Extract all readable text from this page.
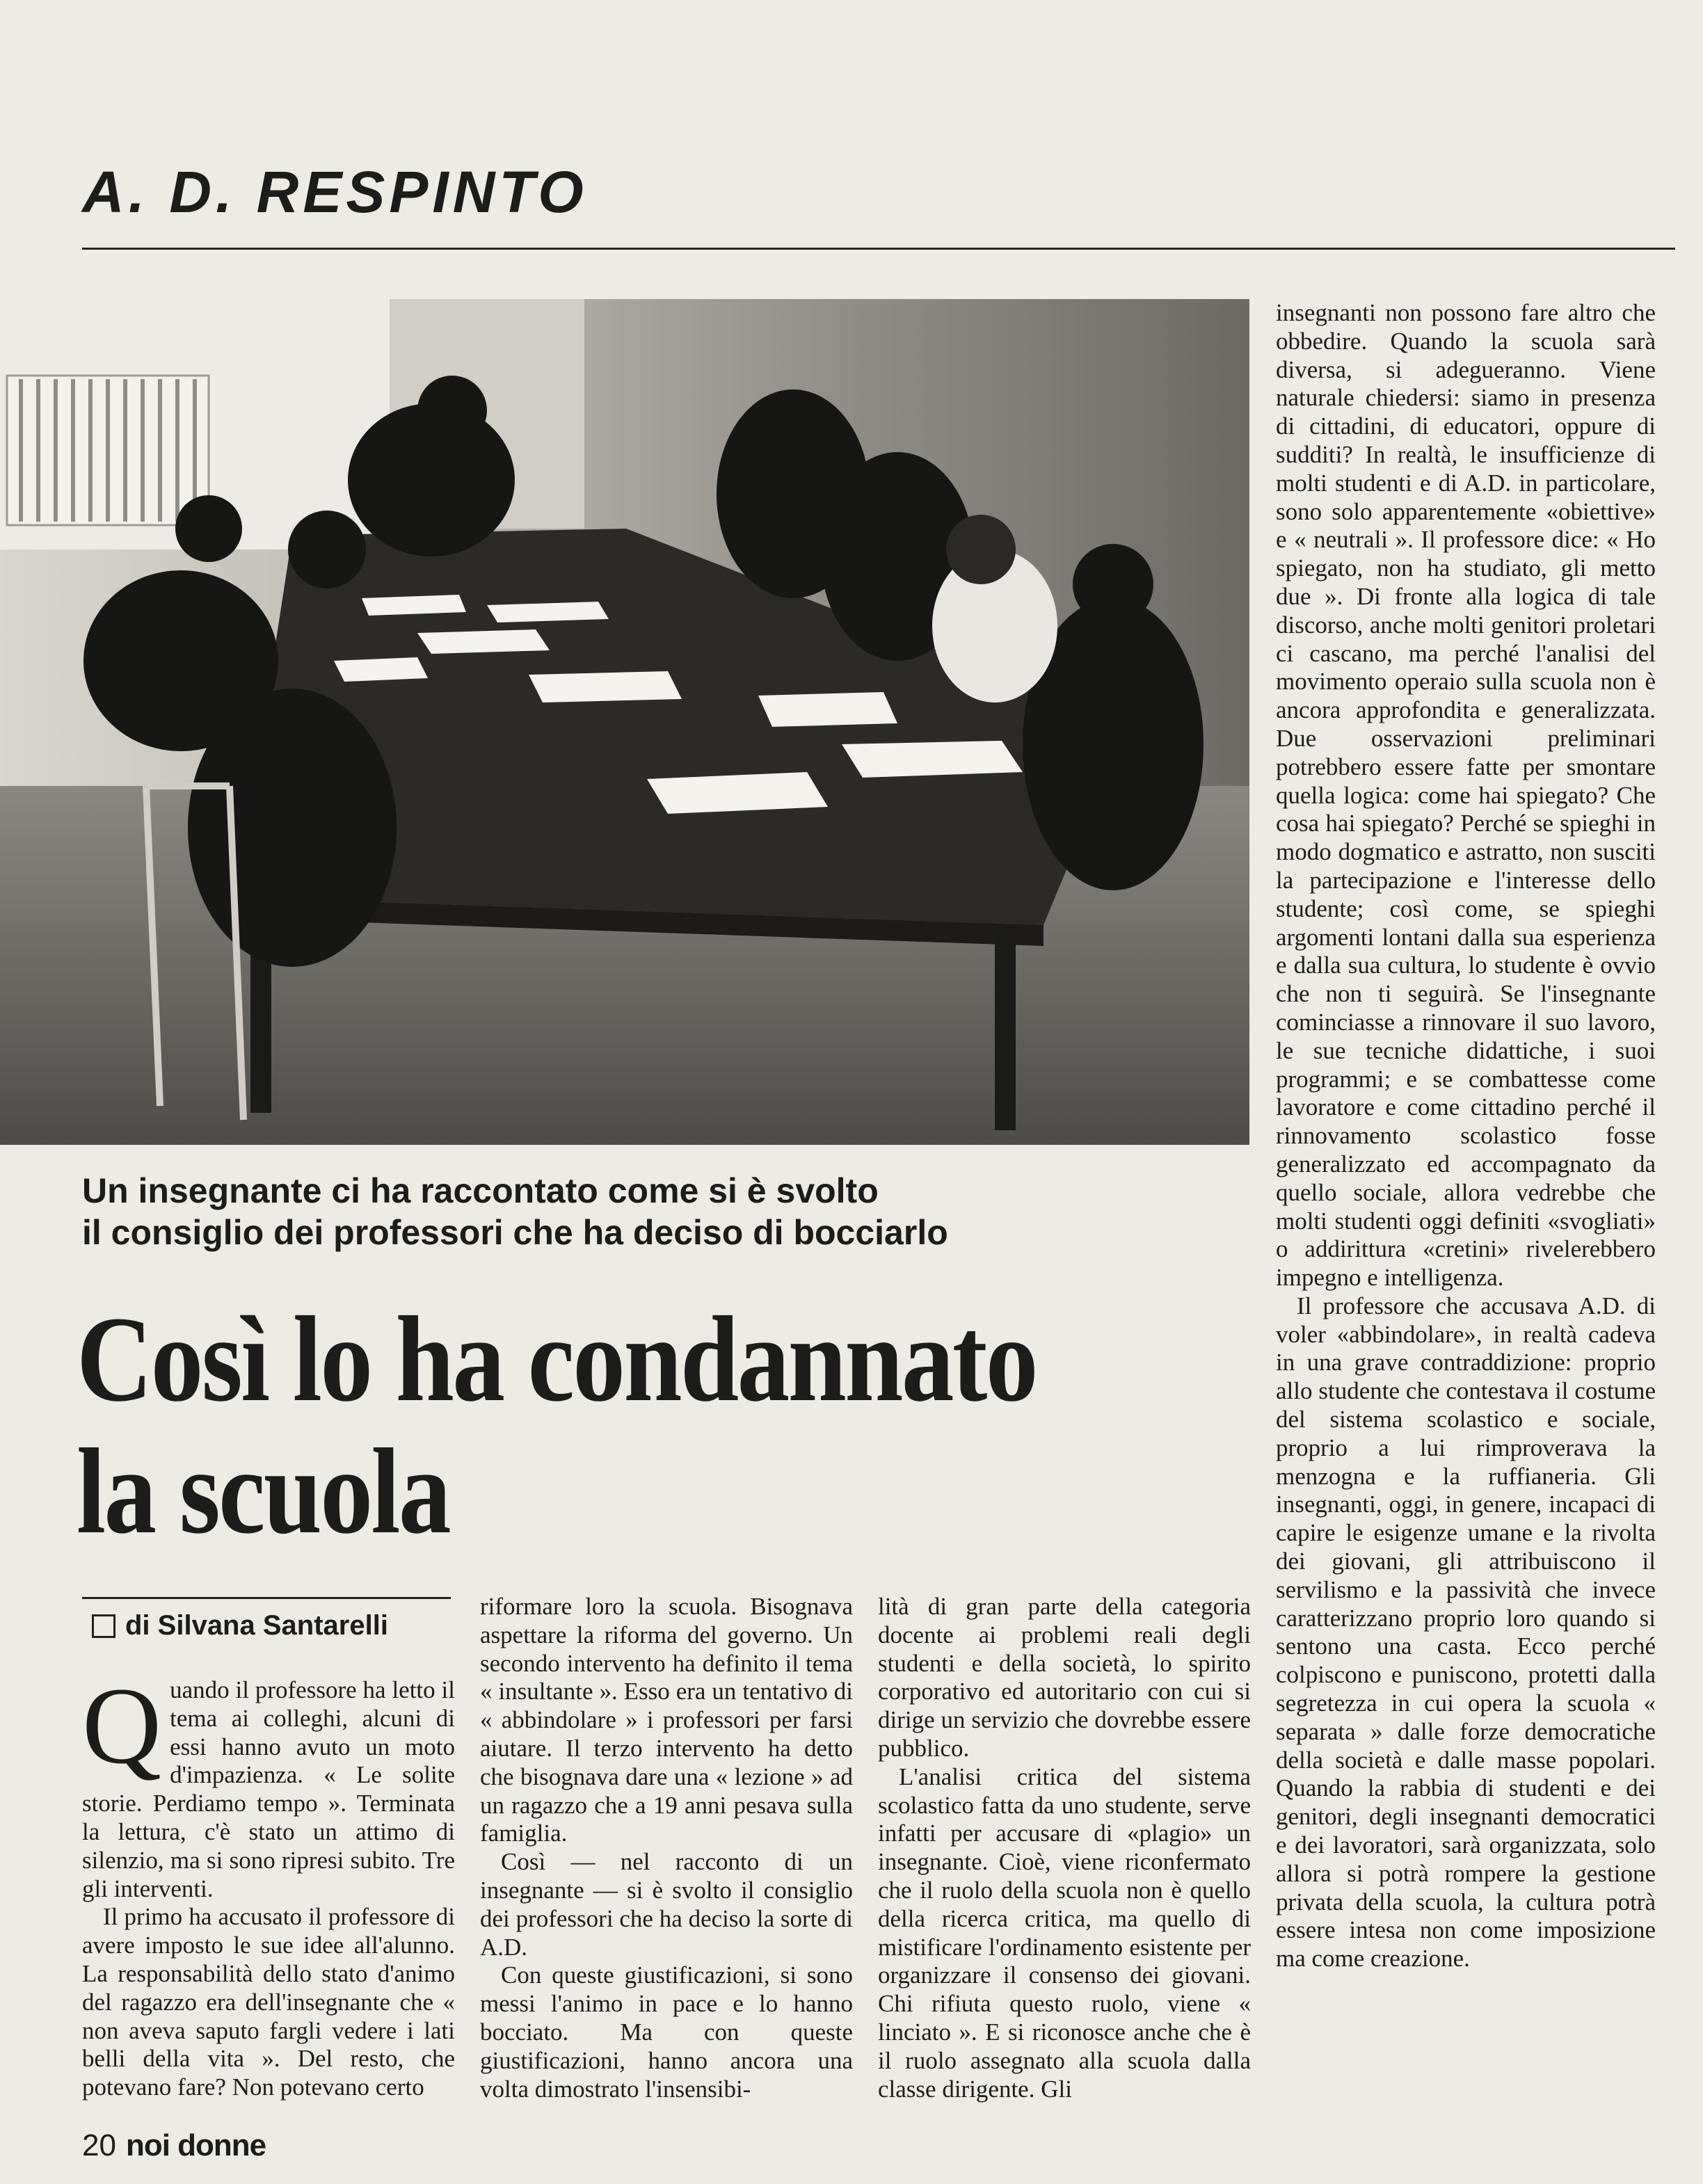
A. D. RESPINTO
Un insegnante ci ha raccontato come si è svolto
il consiglio dei professori che ha deciso di bocciarlo
Così lo ha condannato
la scuola
di Silvana Santarelli

Quando il professore ha letto il tema ai colleghi, alcuni di essi hanno avuto un moto d'impazienza. « Le solite storie. Perdiamo tempo ». Terminata la lettura, c'è stato un attimo di silenzio, ma si sono ripresi subito. Tre gli interventi.

Il primo ha accusato il professore di avere imposto le sue idee all'alunno. La responsabilità dello stato d'animo del ragazzo era dell'insegnante che « non aveva saputo fargli vedere i lati belli della vita ». Del resto, che potevano fare? Non potevano certo

riformare loro la scuola. Bisognava aspettare la riforma del governo. Un secondo intervento ha definito il tema « insultante ». Esso era un tentativo di « abbindolare » i professori per farsi aiutare. Il terzo intervento ha detto che bisognava dare una « lezione » ad un ragazzo che a 19 anni pesava sulla famiglia.

Così — nel racconto di un insegnante — si è svolto il consiglio dei professori che ha deciso la sorte di A.D.

Con queste giustificazioni, si sono messi l'animo in pace e lo hanno bocciato. Ma con queste giustificazioni, hanno ancora una volta dimostrato l'insensibi-

lità di gran parte della categoria docente ai problemi reali degli studenti e della società, lo spirito corporativo ed autoritario con cui si dirige un servizio che dovrebbe essere pubblico.

L'analisi critica del sistema scolastico fatta da uno studente, serve infatti per accusare di «plagio» un insegnante. Cioè, viene riconfermato che il ruolo della scuola non è quello della ricerca critica, ma quello di mistificare l'ordinamento esistente per organizzare il consenso dei giovani. Chi rifiuta questo ruolo, viene « linciato ». E si riconosce anche che è il ruolo assegnato alla scuola dalla classe dirigente. Gli

insegnanti non possono fare altro che obbedire. Quando la scuola sarà diversa, si adegueranno. Viene naturale chiedersi: siamo in presenza di cittadini, di educatori, oppure di sudditi? In realtà, le insufficienze di molti studenti e di A.D. in particolare, sono solo apparentemente «obiettive» e « neutrali ». Il professore dice: « Ho spiegato, non ha studiato, gli metto due ». Di fronte alla logica di tale discorso, anche molti genitori proletari ci cascano, ma perché l'analisi del movimento operaio sulla scuola non è ancora approfondita e generalizzata. Due osservazioni preliminari potrebbero essere fatte per smontare quella logica: come hai spiegato? Che cosa hai spiegato? Perché se spieghi in modo dogmatico e astratto, non susciti la partecipazione e l'interesse dello studente; così come, se spieghi argomenti lontani dalla sua esperienza e dalla sua cultura, lo studente è ovvio che non ti seguirà. Se l'insegnante cominciasse a rinnovare il suo lavoro, le sue tecniche didattiche, i suoi programmi; e se combattesse come lavoratore e come cittadino perché il rinnovamento scolastico fosse generalizzato ed accompagnato da quello sociale, allora vedrebbe che molti studenti oggi definiti «svogliati» o addirittura «cretini» rivelerebbero impegno e intelligenza.

Il professore che accusava A.D. di voler «abbindolare», in realtà cadeva in una grave contraddizione: proprio allo studente che contestava il costume del sistema scolastico e sociale, proprio a lui rimproverava la menzogna e la ruffianeria. Gli insegnanti, oggi, in genere, incapaci di capire le esigenze umane e la rivolta dei giovani, gli attribuiscono il servilismo e la passività che invece caratterizzano proprio loro quando si sentono una casta. Ecco perché colpiscono e puniscono, protetti dalla segretezza in cui opera la scuola « separata » dalle forze democratiche della società e dalle masse popolari. Quando la rabbia di studenti e dei genitori, degli insegnanti democratici e dei lavoratori, sarà organizzata, solo allora si potrà rompere la gestione privata della scuola, la cultura potrà essere intesa non come imposizione ma come creazione.

20 noi donne
